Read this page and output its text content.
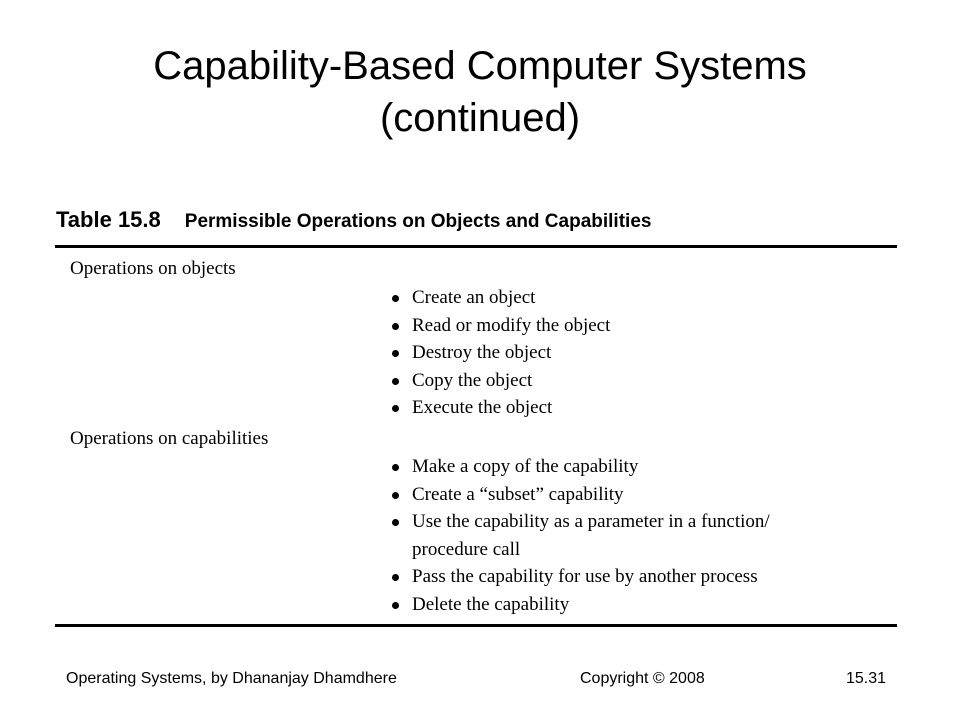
Capability-Based Computer Systems
(continued)
Table 15.8 Permissible Operations on Objects and Capabilities
Operations on objects
Create an object
Read or modify the object
Destroy the object
Copy the object
Execute the object
Operations on capabilities
Make a copy of the capability
Create a “subset” capability
Use the capability as a parameter in a function/
procedure call
Pass the capability for use by another process
Delete the capability
Operating Systems, by Dhananjay Dhamdhere	Copyright © 2008	15.31
